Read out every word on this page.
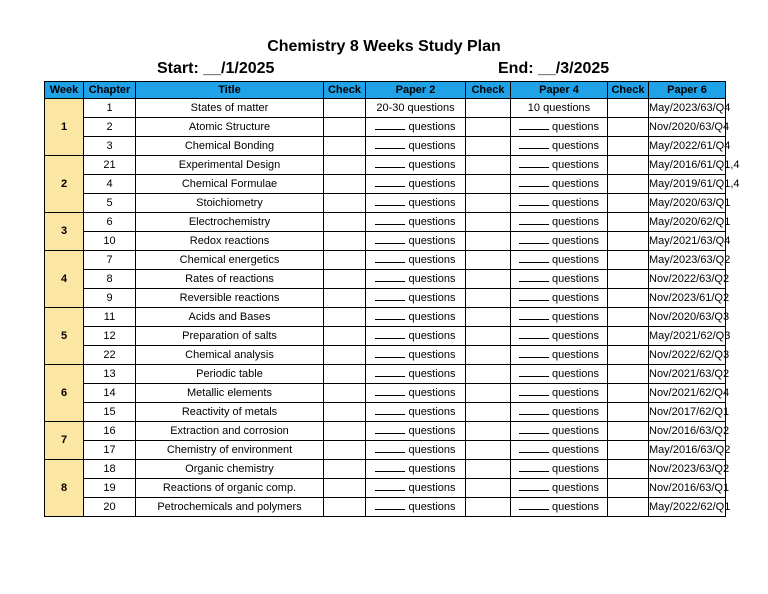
Chemistry 8 Weeks Study Plan
Start: __/1/2025	End: __/3/2025
Week	Chapter	Title	Check	Paper 2	Check	Paper 4	Check	Paper 6
1	1	States of matter		20-30 questions		10 questions		May/2023/63/Q4
	2	Atomic Structure		questions		questions		Nov/2020/63/Q4
	3	Chemical Bonding		questions		questions		May/2022/61/Q4
2	21	Experimental Design		questions		questions		May/2016/61/Q1,4
	4	Chemical Formulae		questions		questions		May/2019/61/Q1,4
	5	Stoichiometry		questions		questions		May/2020/63/Q1
3	6	Electrochemistry		questions		questions		May/2020/62/Q1
	10	Redox reactions		questions		questions		May/2021/63/Q4
4	7	Chemical energetics		questions		questions		May/2023/63/Q2
	8	Rates of reactions		questions		questions		Nov/2022/63/Q2
	9	Reversible reactions		questions		questions		Nov/2023/61/Q2
5	11	Acids and Bases		questions		questions		Nov/2020/63/Q3
	12	Preparation of salts		questions		questions		May/2021/62/Q3
	22	Chemical analysis		questions		questions		Nov/2022/62/Q3
6	13	Periodic table		questions		questions		Nov/2021/63/Q2
	14	Metallic elements		questions		questions		Nov/2021/62/Q4
	15	Reactivity of metals		questions		questions		Nov/2017/62/Q1
7	16	Extraction and corrosion		questions		questions		Nov/2016/63/Q2
	17	Chemistry of environment		questions		questions		May/2016/63/Q2
8	18	Organic chemistry		questions		questions		Nov/2023/63/Q2
	19	Reactions of organic comp.		questions		questions		Nov/2016/63/Q1
	20	Petrochemicals and polymers		questions		questions		May/2022/62/Q1
